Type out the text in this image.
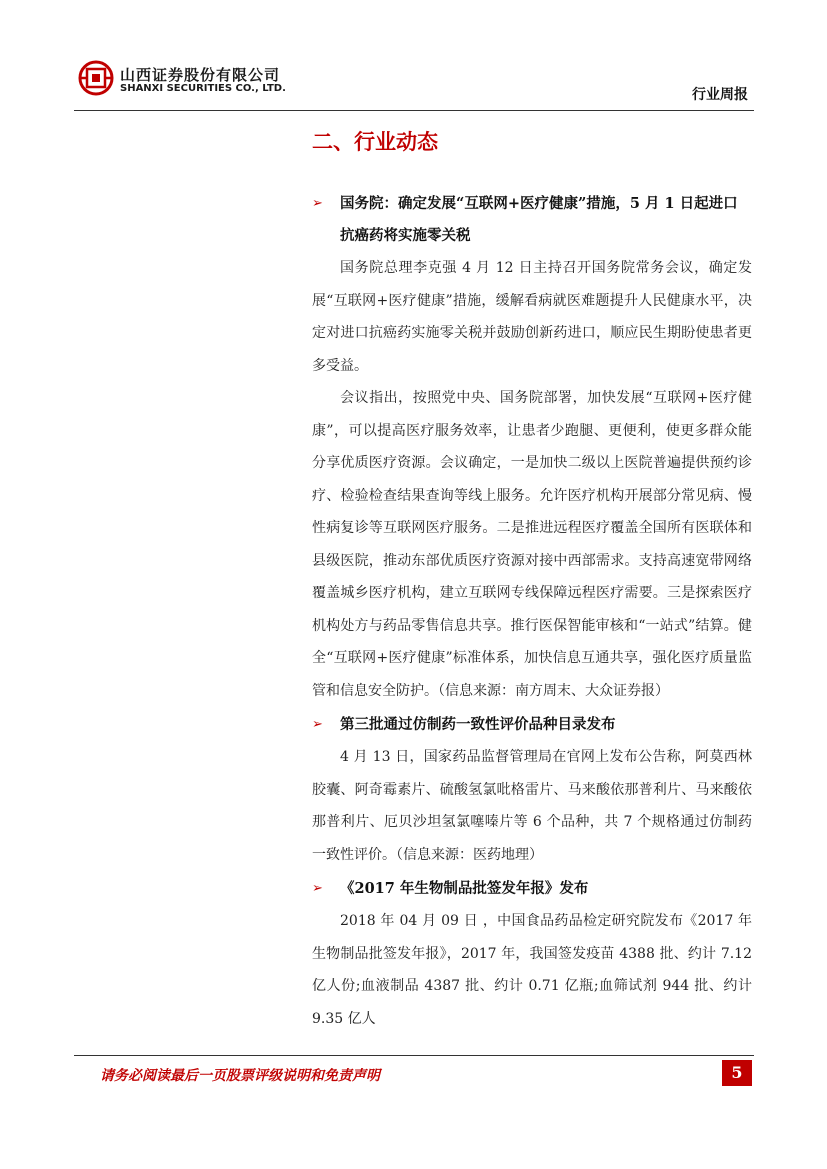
山西证券股份有限公司
SHANXI SECURITIES CO., LTD.	行业周报
二、行业动态

➢ 国务院：确定发展“互联网+医疗健康”措施，5 月 1 日起进口抗癌药将实施零关税

国务院总理李克强 4 月 12 日主持召开国务院常务会议，确定发展“互联网+医疗健康”措施，缓解看病就医难题提升人民健康水平，决定对进口抗癌药实施零关税并鼓励创新药进口，顺应民生期盼使患者更多受益。

会议指出，按照党中央、国务院部署，加快发展“互联网+医疗健康”，可以提高医疗服务效率，让患者少跑腿、更便利，使更多群众能分享优质医疗资源。会议确定，一是加快二级以上医院普遍提供预约诊疗、检验检查结果查询等线上服务。允许医疗机构开展部分常见病、慢性病复诊等互联网医疗服务。二是推进远程医疗覆盖全国所有医联体和县级医院，推动东部优质医疗资源对接中西部需求。支持高速宽带网络覆盖城乡医疗机构，建立互联网专线保障远程医疗需要。三是探索医疗机构处方与药品零售信息共享。推行医保智能审核和“一站式”结算。健全“互联网+医疗健康”标准体系，加快信息互通共享，强化医疗质量监管和信息安全防护。（信息来源：南方周末、大众证券报）

➢ 第三批通过仿制药一致性评价品种目录发布

4 月 13 日，国家药品监督管理局在官网上发布公告称，阿莫西林胶囊、阿奇霉素片、硫酸氢氯吡格雷片、马来酸依那普利片、马来酸依那普利片、厄贝沙坦氢氯噻嗪片等 6 个品种，共 7 个规格通过仿制药一致性评价。（信息来源：医药地理）

➢ 《2017 年生物制品批签发年报》发布

2018 年 04 月 09 日 ，中国食品药品检定研究院发布《2017 年生物制品批签发年报》，2017 年，我国签发疫苗 4388 批、约计 7.12 亿人份;血液制品 4387 批、约计 0.71 亿瓶;血筛试剂 944 批、约计 9.35 亿人

请务必阅读最后一页股票评级说明和免责声明	5
